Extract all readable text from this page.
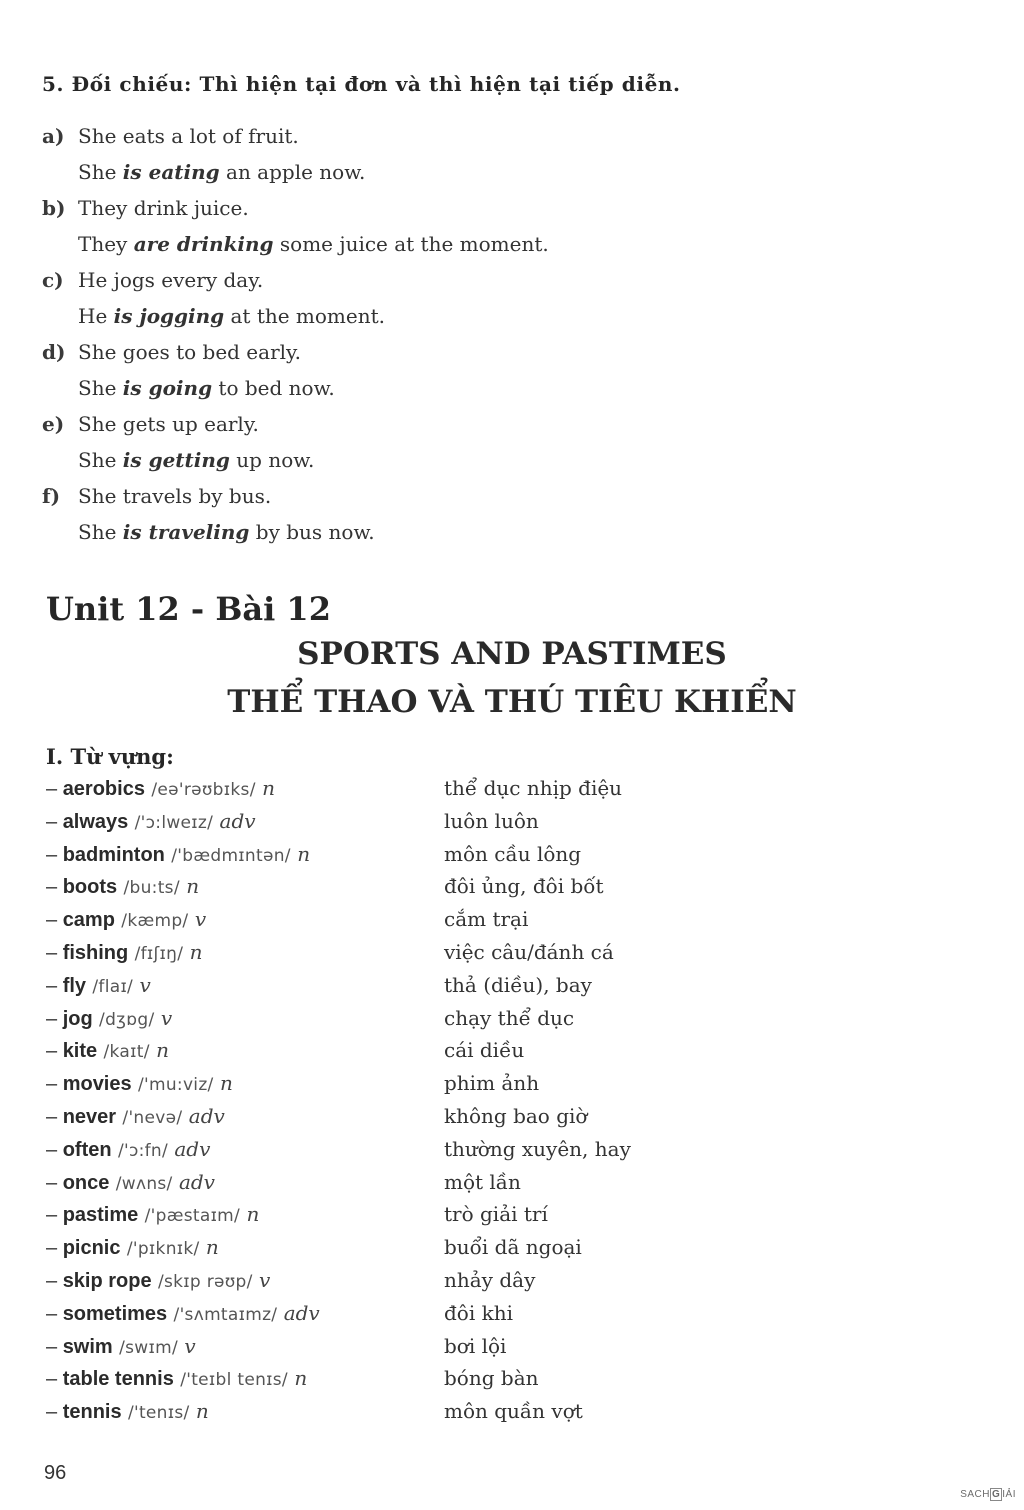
5. Đối chiếu: Thì hiện tại đơn và thì hiện tại tiếp diễn.
a) She eats a lot of fruit.
She is eating an apple now.
b) They drink juice.
They are drinking some juice at the moment.
c) He jogs every day.
He is jogging at the moment.
d) She goes to bed early.
She is going to bed now.
e) She gets up early.
She is getting up now.
f) She travels by bus.
She is traveling by bus now.
Unit 12 - Bài 12
SPORTS AND PASTIMES
THỂ THAO VÀ THÚ TIÊU KHIỂN
I. Từ vựng:
– aerobics /eə'rəʊbɪks/ n	thể dục nhịp điệu
– always /'ɔ:lweɪz/ adv	luôn luôn
– badminton /'bædmɪntən/ n	môn cầu lông
– boots /bu:ts/ n	đôi ủng, đôi bốt
– camp /kæmp/ v	cắm trại
– fishing /fɪʃɪŋ/ n	việc câu/đánh cá
– fly /flaɪ/ v	thả (diều), bay
– jog /dʒɒg/ v	chạy thể dục
– kite /kaɪt/ n	cái diều
– movies /'mu:viz/ n	phim ảnh
– never /'nevə/ adv	không bao giờ
– often /'ɔ:fn/ adv	thường xuyên, hay
– once /wʌns/ adv	một lần
– pastime /'pæstaɪm/ n	trò giải trí
– picnic /'pɪknɪk/ n	buổi dã ngoại
– skip rope /skɪp rəʊp/ v	nhảy dây
– sometimes /'sʌmtaɪmz/ adv	đôi khi
– swim /swɪm/ v	bơi lội
– table tennis /'teɪbl tenɪs/ n	bóng bàn
– tennis /'tenɪs/ n	môn quần vợt
96
SACH G IẢI
